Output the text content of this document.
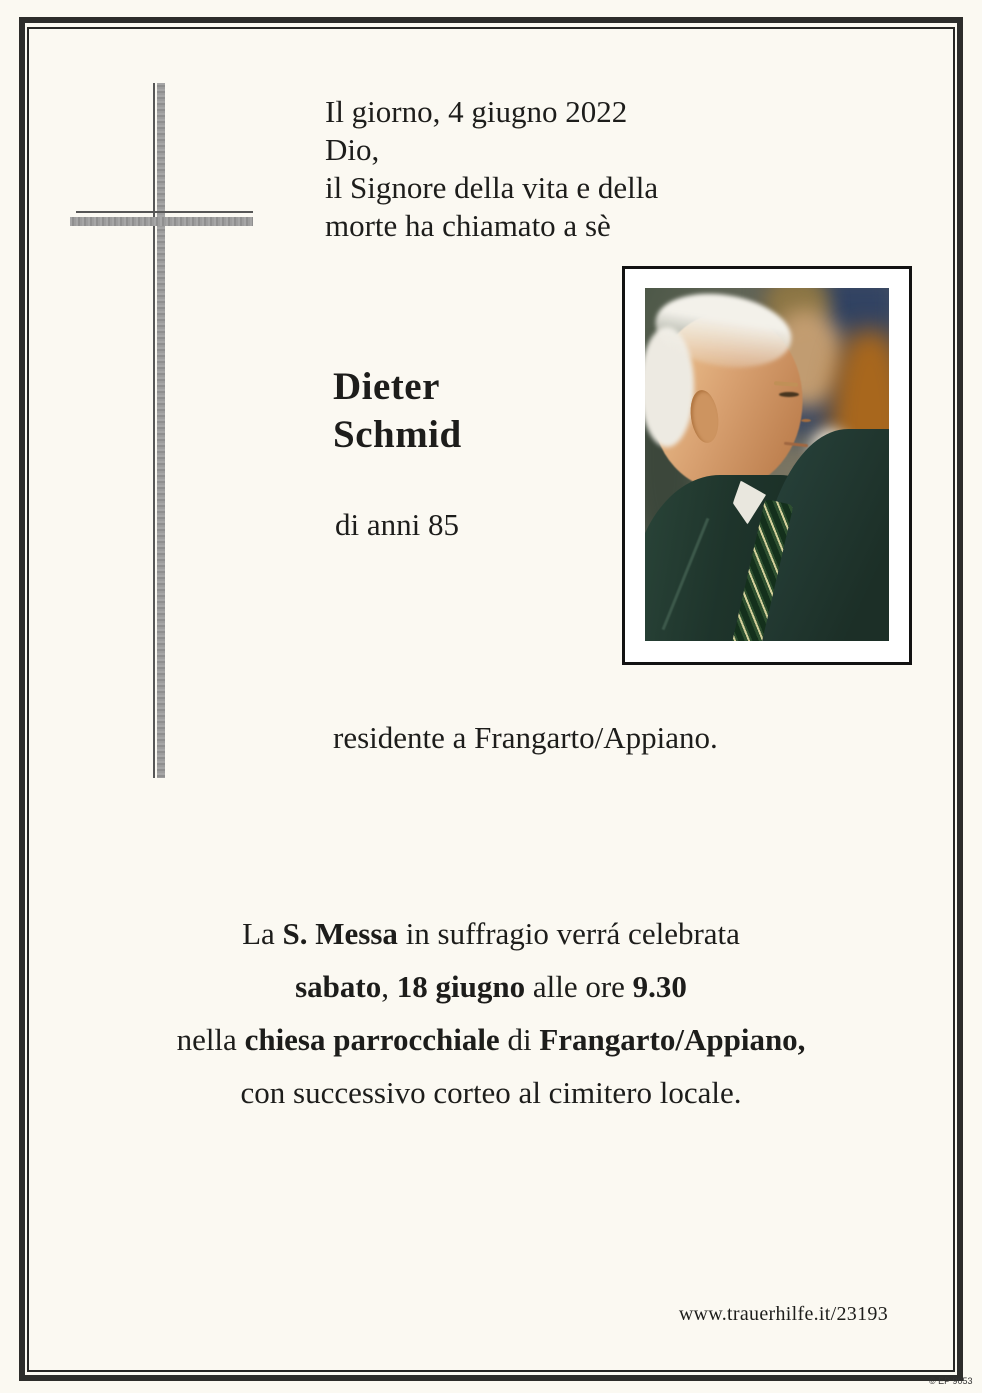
Il giorno, 4 giugno 2022
Dio,
il Signore della vita e della
morte ha chiamato a sè
Dieter
Schmid
di anni 85
residente a Frangarto/Appiano.

La S. Messa in suffragio verrá celebrata

sabato, 18 giugno alle ore 9.30

nella chiesa parrocchiale di Frangarto/Appiano,

con successivo corteo al cimitero locale.

www.trauerhilfe.it/23193
© EP 9053
